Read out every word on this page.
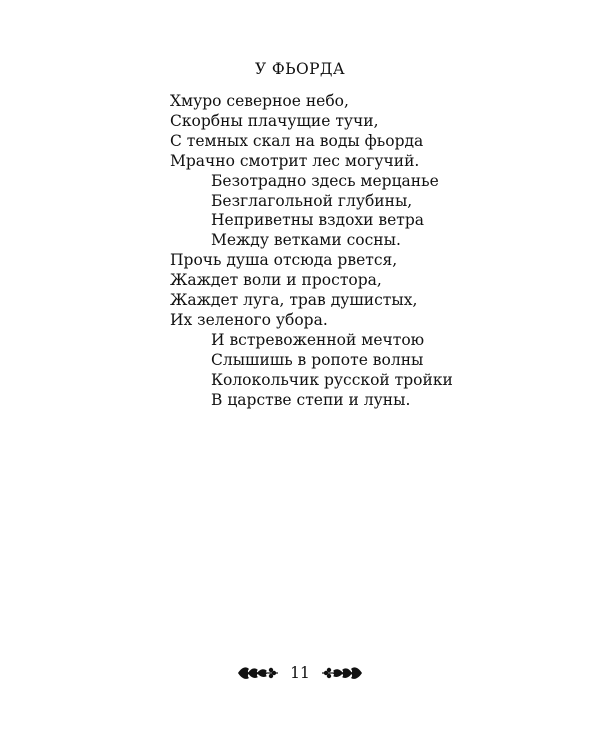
У ФЬОРДА
Хмуро северное небо,
Скорбны плачущие тучи,
С темных скал на воды фьорда
Мрачно смотрит лес могучий.
Безотрадно здесь мерцанье
Безглагольной глубины,
Неприветны вздохи ветра
Между ветками сосны.
Прочь душа отсюда рвется,
Жаждет воли и простора,
Жаждет луга, трав душистых,
Их зеленого убора.
И встревоженной мечтою
Слышишь в ропоте волны
Колокольчик русской тройки
В царстве степи и луны.
11
